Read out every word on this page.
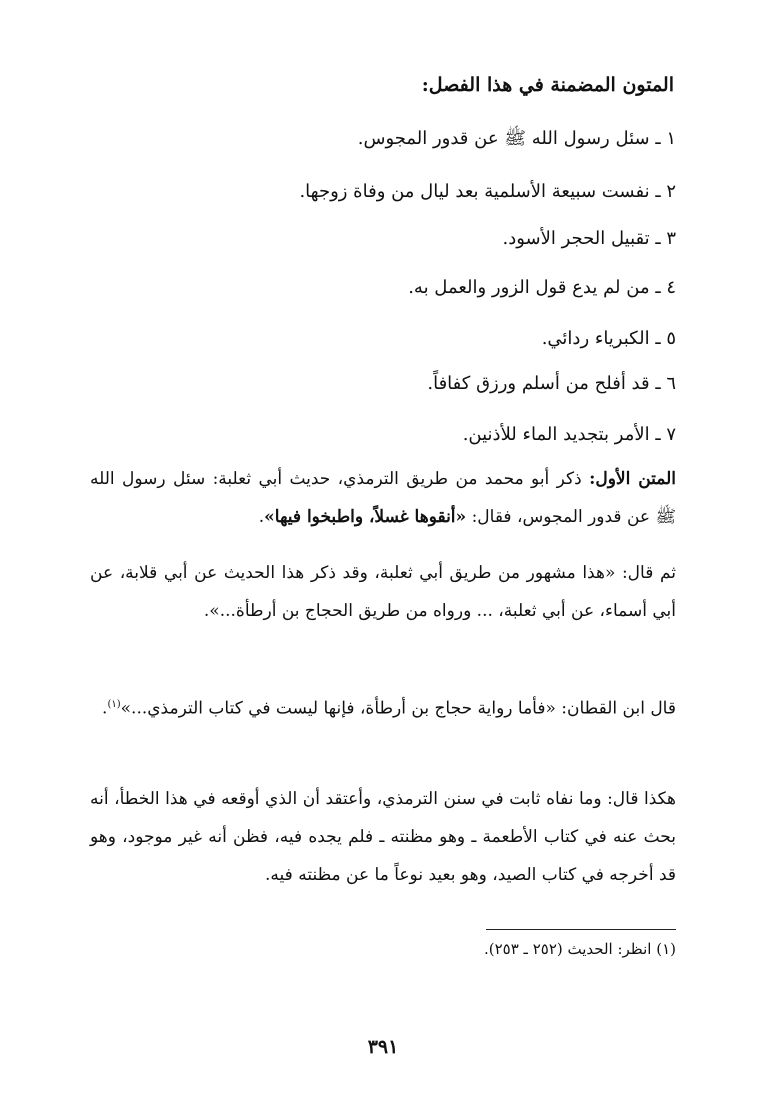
المتون المضمنة في هذا الفصل:
١ ـ سئل رسول الله ﷺ عن قدور المجوس.
٢ ـ نفست سبيعة الأسلمية بعد ليال من وفاة زوجها.
٣ ـ تقبيل الحجر الأسود.
٤ ـ من لم يدع قول الزور والعمل به.
٥ ـ الكبرياء ردائي.
٦ ـ قد أفلح من أسلم ورزق كفافاً.
٧ ـ الأمر بتجديد الماء للأذنين.
المتن الأول: ذكر أبو محمد من طريق الترمذي، حديث أبي ثعلبة: سئل رسول الله ﷺ عن قدور المجوس، فقال: «أنقوها غسلاً، واطبخوا فيها».
ثم قال: «هذا مشهور من طريق أبي ثعلبة، وقد ذكر هذا الحديث عن أبي قلابة، عن أبي أسماء، عن أبي ثعلبة، ... ورواه من طريق الحجاج بن أرطأة...».
قال ابن القطان: «فأما رواية حجاج بن أرطأة، فإنها ليست في كتاب الترمذي...»$^{(١)}$.
هكذا قال: وما نفاه ثابت في سنن الترمذي، وأعتقد أن الذي أوقعه في هذا الخطأ، أنه بحث عنه في كتاب الأطعمة ـ وهو مظنته ـ فلم يجده فيه، فظن أنه غير موجود، وهو قد أخرجه في كتاب الصيد، وهو بعيد نوعاً ما عن مظنته فيه.
(١) انظر: الحديث (٢٥٢ ـ ٢٥٣).
٣٩١
